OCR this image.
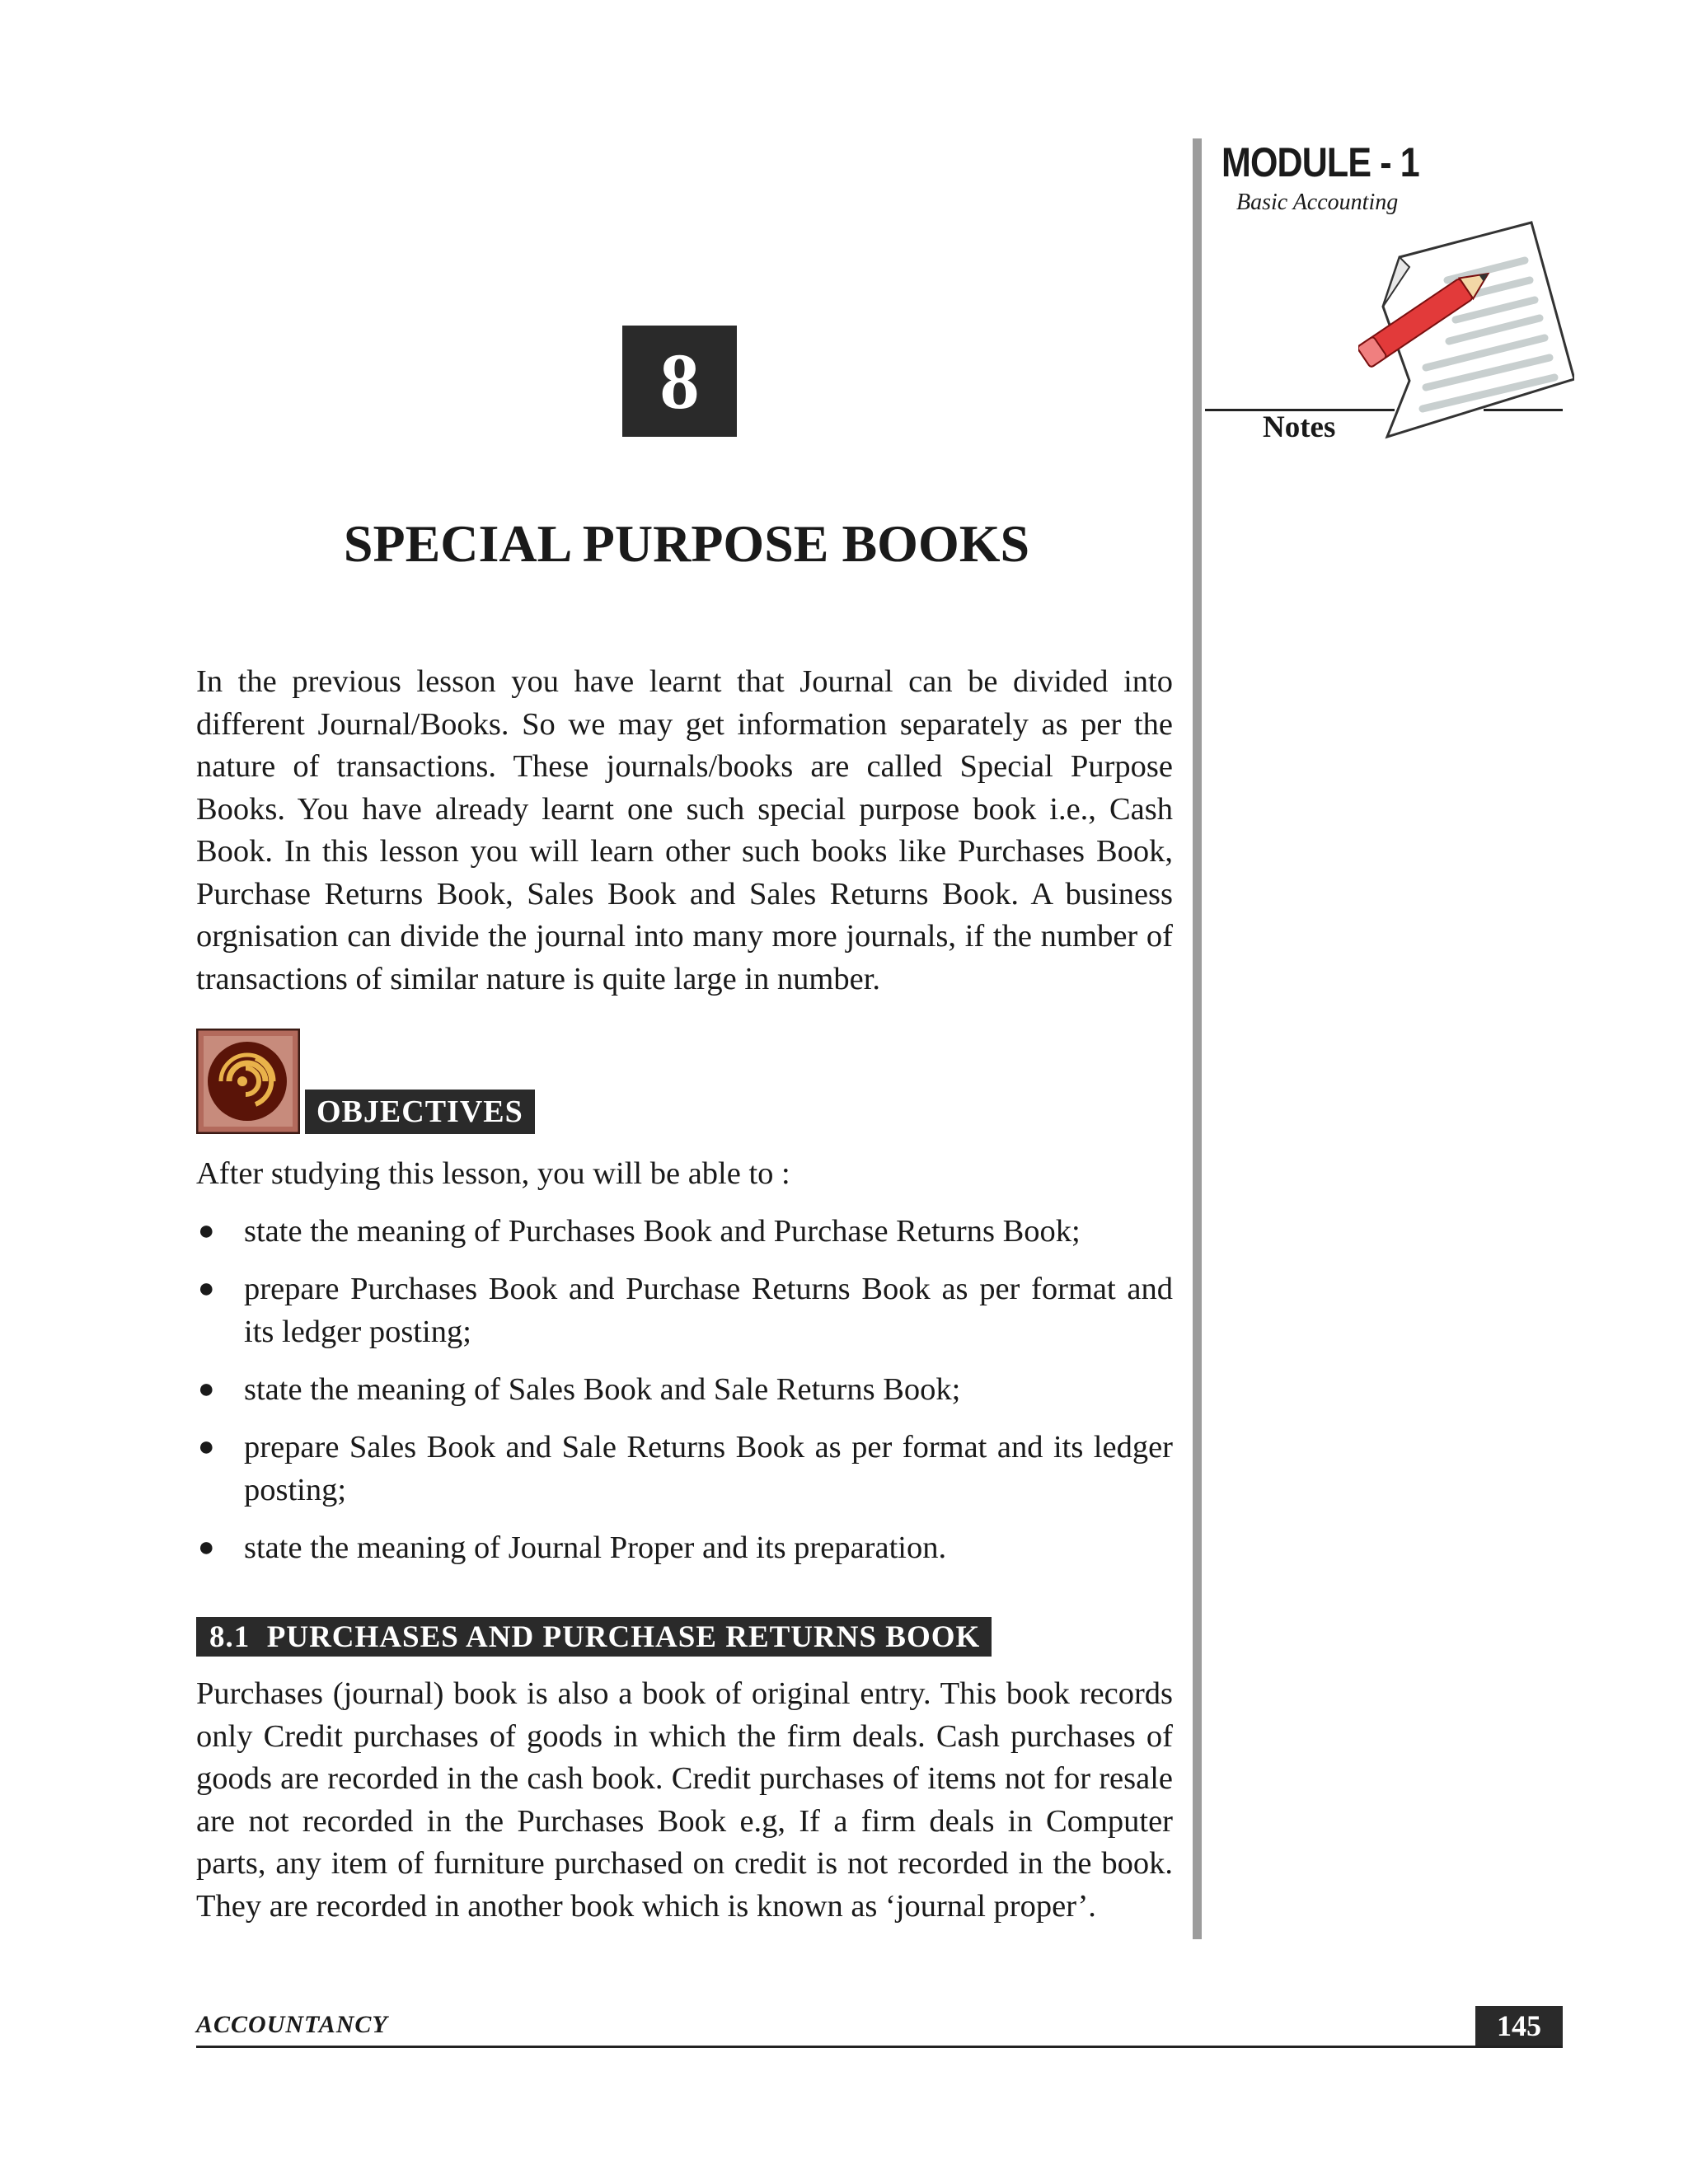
MODULE - 1
Basic Accounting
Notes
8
SPECIAL PURPOSE BOOKS
In the previous lesson you have learnt that Journal can be divided into different Journal/Books. So we may get information separately as per the nature of transactions. These journals/books are called Special Purpose Books. You have already learnt one such special purpose book i.e., Cash Book. In this lesson you will learn other such books like Purchases Book, Purchase Returns Book, Sales Book and Sales Returns Book. A business orgnisation can divide the journal into many more journals, if the number of transactions of similar nature is quite large in number.
OBJECTIVES
After studying this lesson, you will be able to :
● state the meaning of Purchases Book and Purchase Returns Book;
● prepare Purchases Book and Purchase Returns Book as per format and its ledger posting;
● state the meaning of Sales Book and Sale Returns Book;
● prepare Sales Book and Sale Returns Book as per format and its ledger posting;
● state the meaning of Journal Proper and its preparation.
8.1  PURCHASES AND PURCHASE RETURNS BOOK
Purchases (journal) book is also a book of original entry. This book records only Credit purchases of goods in which the firm deals. Cash purchases of goods are recorded in the cash book. Credit purchases of items not for resale are not recorded in the Purchases Book e.g, If a firm deals in Computer parts, any item of furniture purchased on credit is not recorded in the book. They are recorded in another book which is known as ‘journal proper’.
ACCOUNTANCY	145
